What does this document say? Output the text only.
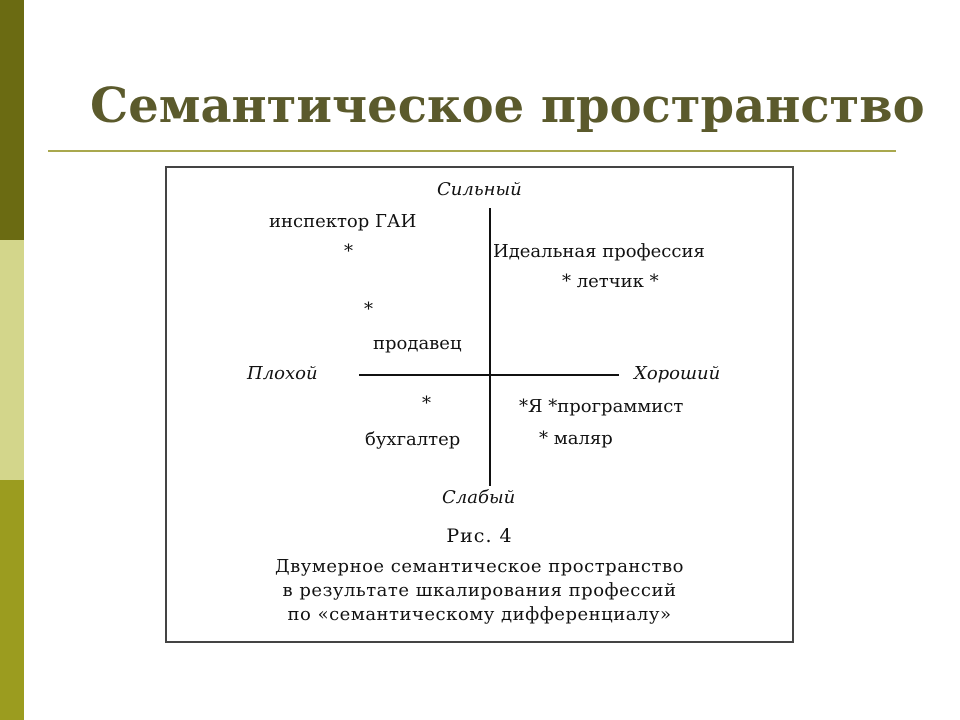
Семантическое пространство
Сильный
Слабый
Плохой	Хороший
инспектор ГАИ
*	Идеальная профессия
* летчик *
*
продавец
*
бухгалтер
*Я *программист
* маляр
Рис. 4
Двумерное семантическое пространство
в результате шкалирования профессий
по «семантическому дифференциалу»
